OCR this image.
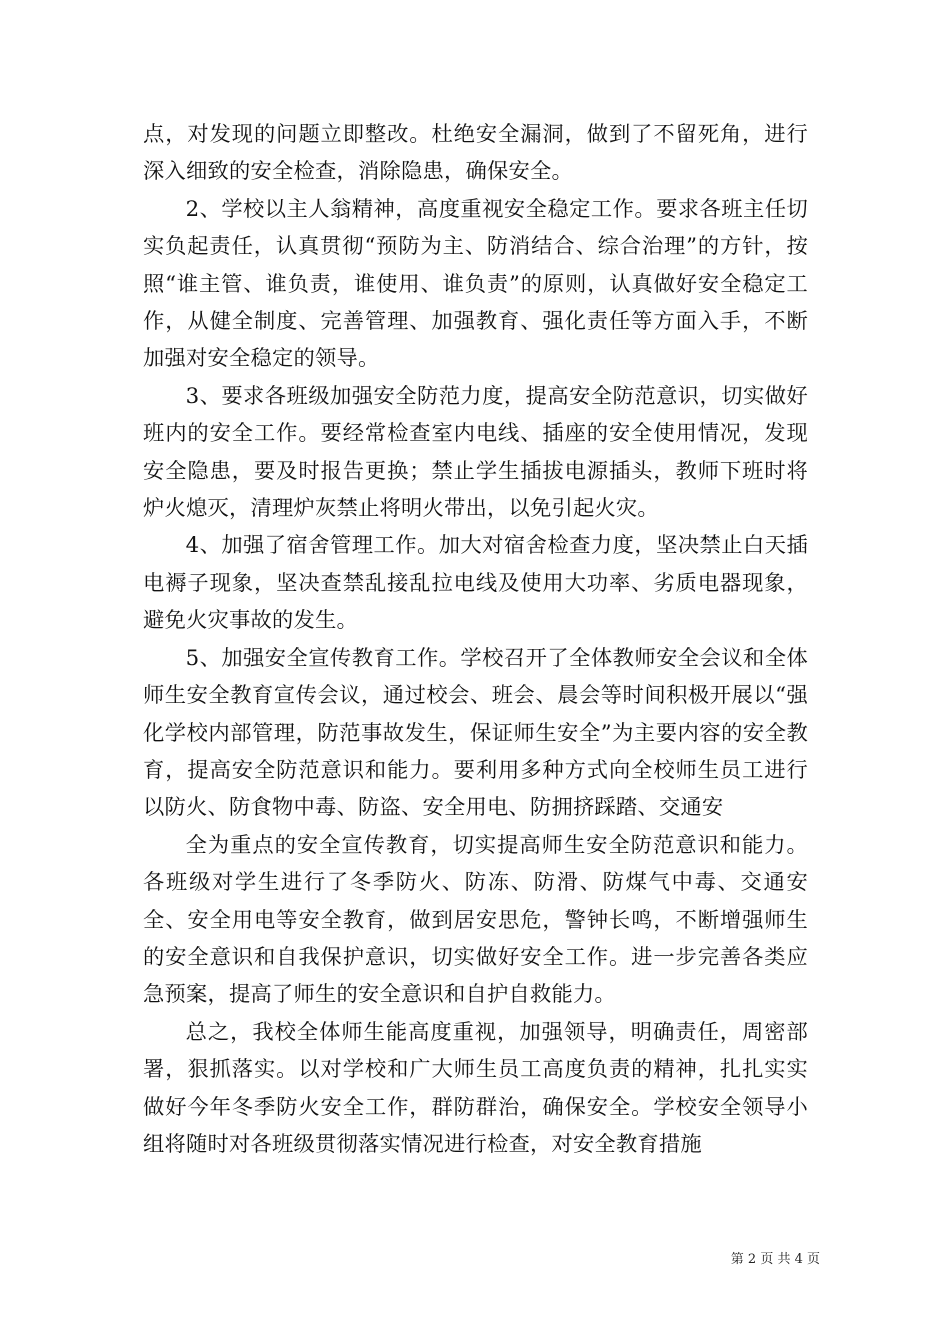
点，对发现的问题立即整改。杜绝安全漏洞，做到了不留死角，进行深入细致的安全检查，消除隐患，确保安全。

2、学校以主人翁精神，高度重视安全稳定工作。要求各班主任切实负起责任，认真贯彻“预防为主、防消结合、综合治理”的方针，按照“谁主管、谁负责，谁使用、谁负责”的原则，认真做好安全稳定工作，从健全制度、完善管理、加强教育、强化责任等方面入手，不断加强对安全稳定的领导。

3、要求各班级加强安全防范力度，提高安全防范意识，切实做好班内的安全工作。要经常检查室内电线、插座的安全使用情况，发现安全隐患，要及时报告更换；禁止学生插拔电源插头，教师下班时将炉火熄灭，清理炉灰禁止将明火带出，以免引起火灾。

4、加强了宿舍管理工作。加大对宿舍检查力度，坚决禁止白天插电褥子现象，坚决查禁乱接乱拉电线及使用大功率、劣质电器现象，避免火灾事故的发生。

5、加强安全宣传教育工作。学校召开了全体教师安全会议和全体师生安全教育宣传会议，通过校会、班会、晨会等时间积极开展以“强化学校内部管理，防范事故发生，保证师生安全”为主要内容的安全教育，提高安全防范意识和能力。要利用多种方式向全校师生员工进行以防火、防食物中毒、防盗、安全用电、防拥挤踩踏、交通安

全为重点的安全宣传教育，切实提高师生安全防范意识和能力。各班级对学生进行了冬季防火、防冻、防滑、防煤气中毒、交通安全、安全用电等安全教育，做到居安思危，警钟长鸣，不断增强师生的安全意识和自我保护意识，切实做好安全工作。进一步完善各类应急预案，提高了师生的安全意识和自护自救能力。

总之，我校全体师生能高度重视，加强领导，明确责任，周密部署，狠抓落实。以对学校和广大师生员工高度负责的精神，扎扎实实做好今年冬季防火安全工作，群防群治，确保安全。学校安全领导小组将随时对各班级贯彻落实情况进行检查，对安全教育措施

第 2 页 共 4 页
